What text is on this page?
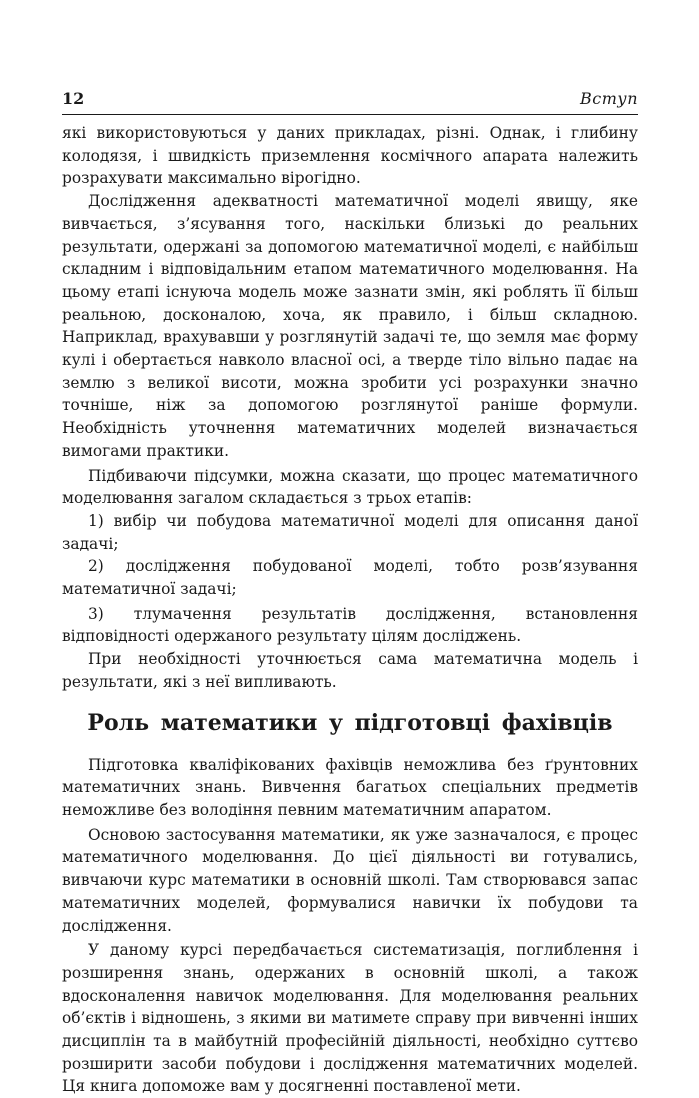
12	Вступ

які використовуються у даних прикладах, різні. Однак, і глибину колодязя, і швидкість приземлення космічного апарата належить розрахувати максимально вірогідно.

Дослідження адекватності математичної моделі явищу, яке вивчається, з’ясування того, наскільки близькі до реальних результати, одержані за допомогою математичної моделі, є найбільш складним і відповідальним етапом математичного моделювання. На цьому етапі існуюча модель може зазнати змін, які роблять її більш реальною, досконалою, хоча, як правило, і більш складною. Наприклад, врахувавши у розглянутій задачі те, що земля має форму кулі і обертається навколо власної осі, а тверде тіло вільно падає на землю з великої висоти, можна зробити усі розрахунки значно точніше, ніж за допомогою розглянутої раніше формули. Необхідність уточнення математичних моделей визначається вимогами практики.

Підбиваючи підсумки, можна сказати, що процес математичного моделювання загалом складається з трьох етапів:

1) вибір чи побудова математичної моделі для описання даної задачі;

2) дослідження побудованої моделі, тобто розв’язування математичної задачі;

3) тлумачення результатів дослідження, встановлення відповідності одержаного результату цілям досліджень.

При необхідності уточнюється сама математична модель і результати, які з неї випливають.

Роль математики у підготовці фахівців

Підготовка кваліфікованих фахівців неможлива без ґрунтовних математичних знань. Вивчення багатьох спеціальних предметів неможливе без володіння певним математичним апаратом.

Основою застосування математики, як уже зазначалося, є процес математичного моделювання. До цієї діяльності ви готувались, вивчаючи курс математики в основній школі. Там створювався запас математичних моделей, формувалися навички їх побудови та дослідження.

У даному курсі передбачається систематизація, поглиблення і розширення знань, одержаних в основній школі, а також вдосконалення навичок моделювання. Для моделювання реальних об’єктів і відношень, з якими ви матимете справу при вивченні інших дисциплін та в майбутній професійній діяльності, необхідно суттєво розширити засоби побудови і дослідження математичних моделей. Ця книга допоможе вам у досягненні поставленої мети.
